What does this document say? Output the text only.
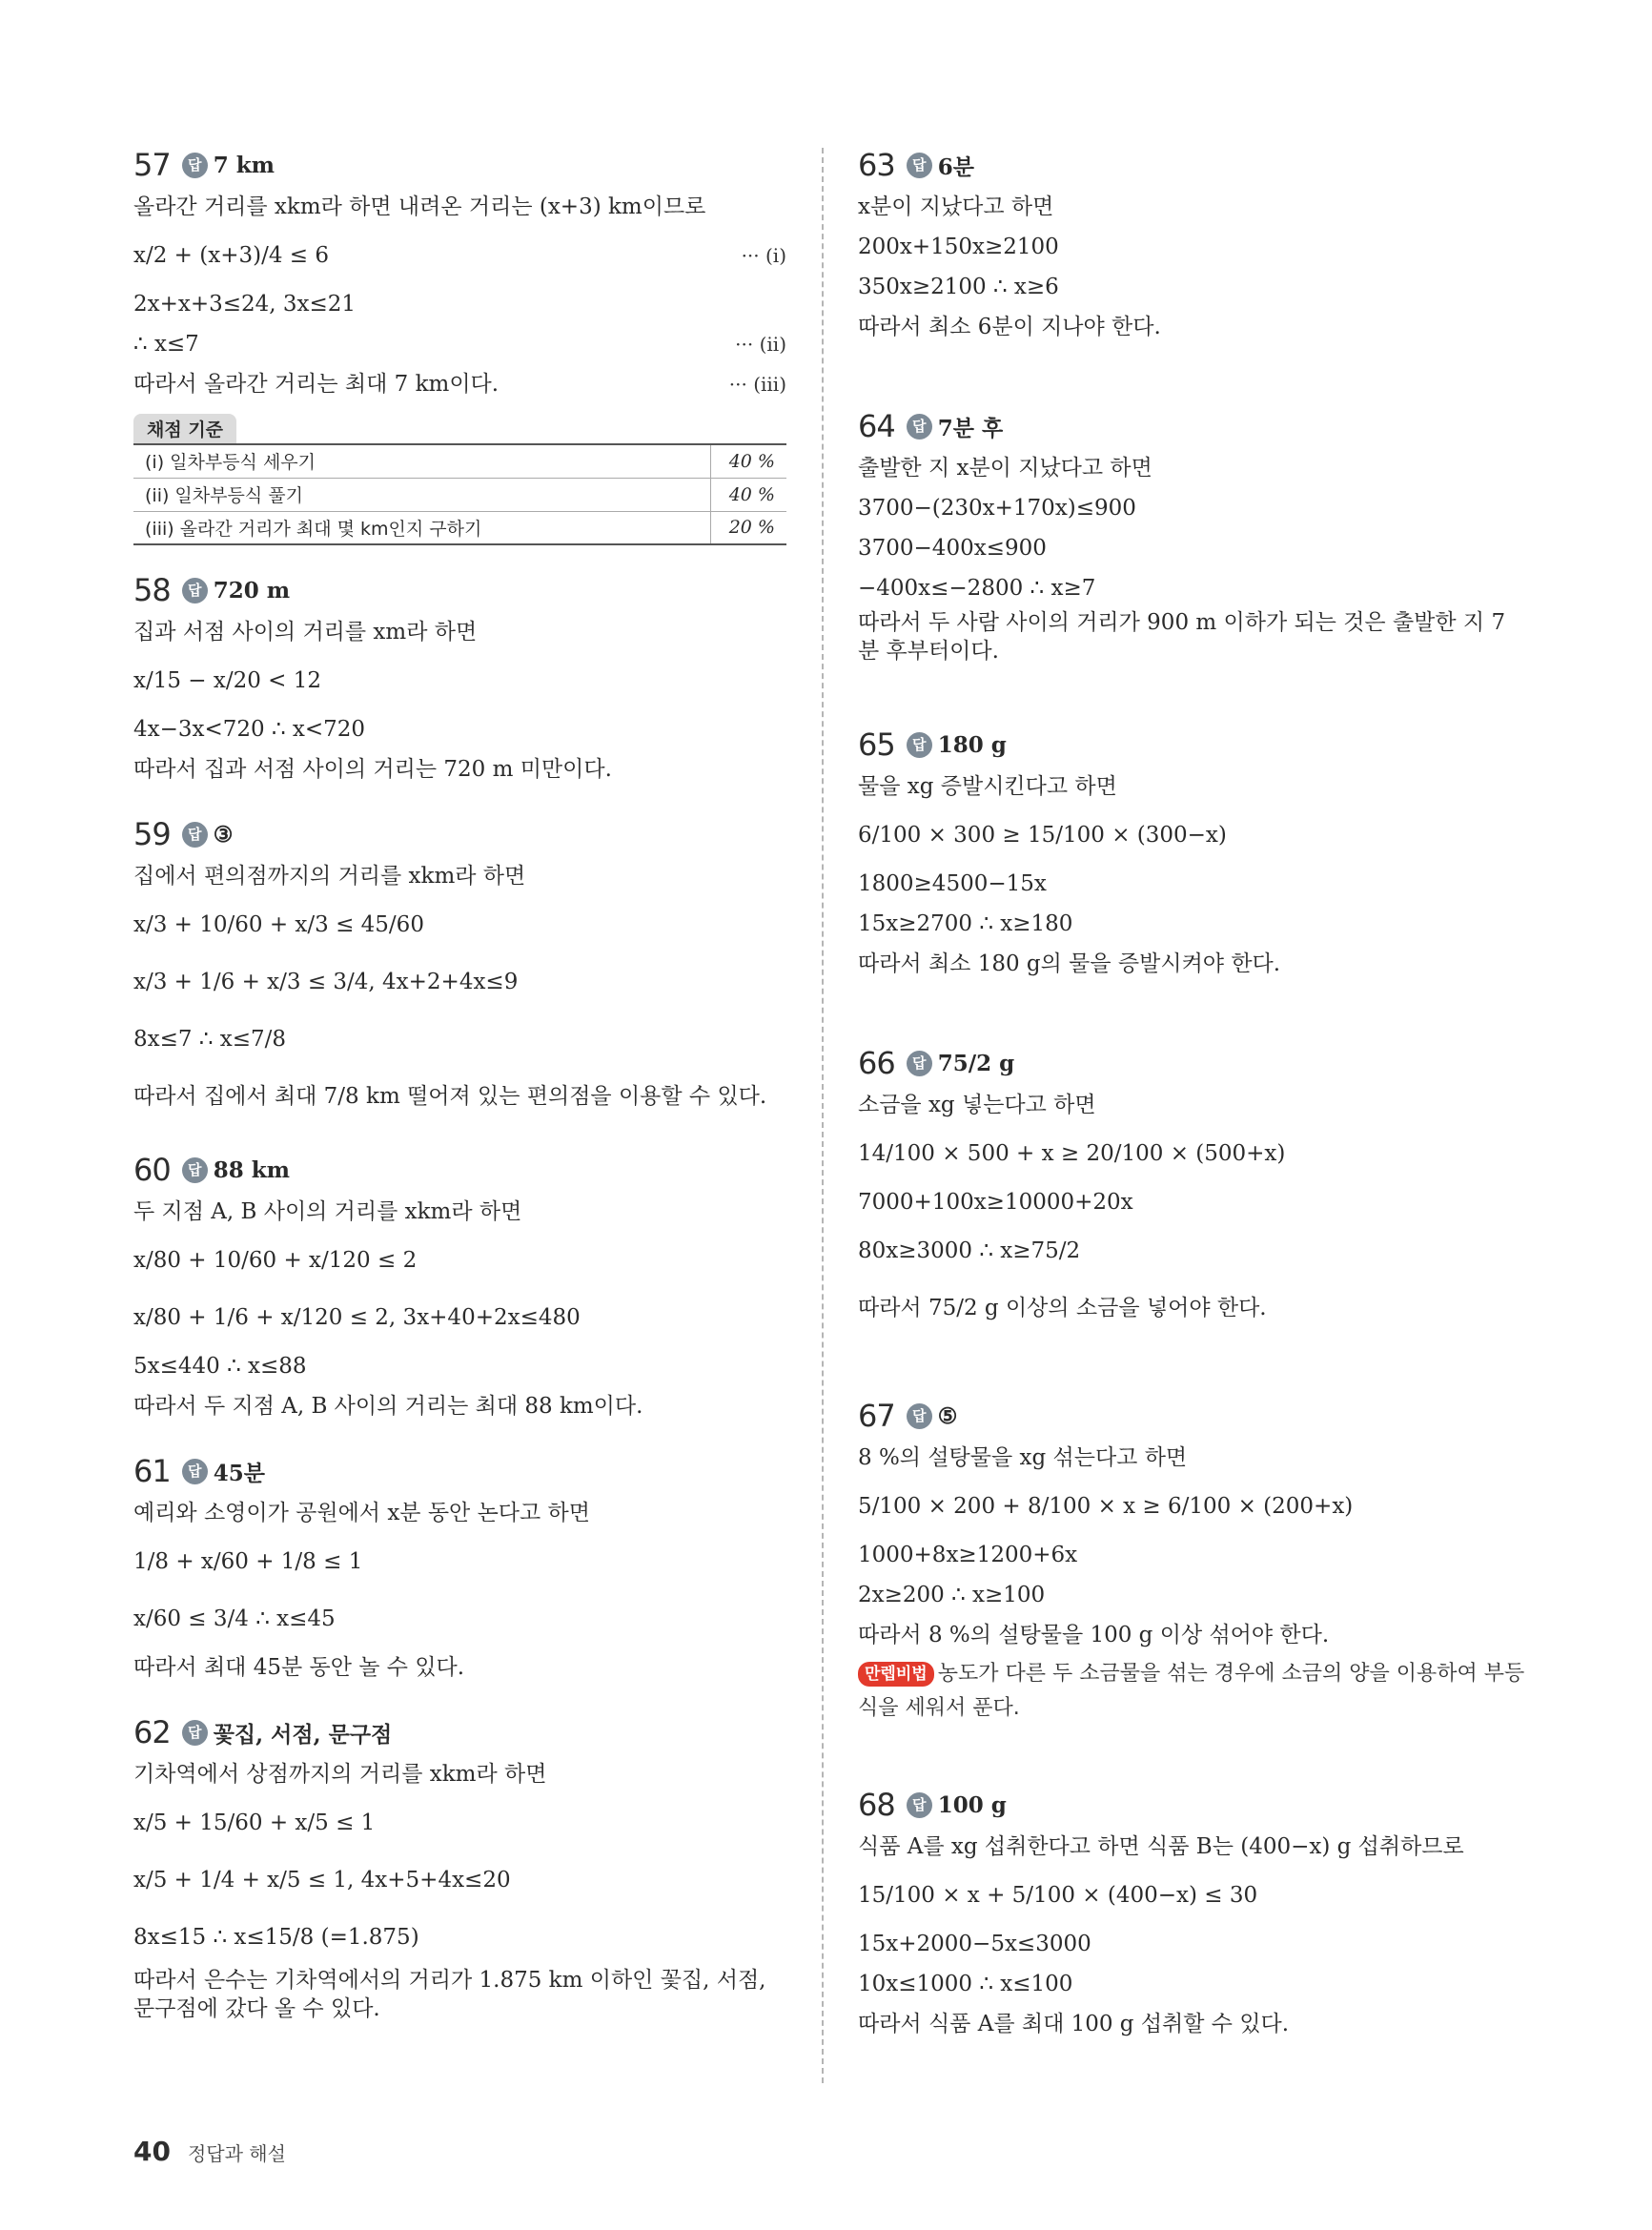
57	답 7 km
올라간 거리를 xkm라 하면 내려온 거리는 (x+3) km이므로
x/2 + (x+3)/4 ≤ 6	··· (i)
2x+x+3≤24, 3x≤21
∴ x≤7	··· (ii)
따라서 올라간 거리는 최대 7 km이다.	··· (iii)
채점 기준
(i) 일차부등식 세우기	40 %
(ii) 일차부등식 풀기	40 %
(iii) 올라간 거리가 최대 몇 km인지 구하기	20 %
58	답 720 m
집과 서점 사이의 거리를 xm라 하면
x/15 − x/20 < 12
4x−3x<720 ∴ x<720
따라서 집과 서점 사이의 거리는 720 m 미만이다.
59	답 ③
집에서 편의점까지의 거리를 xkm라 하면
x/3 + 10/60 + x/3 ≤ 45/60
x/3 + 1/6 + x/3 ≤ 3/4, 4x+2+4x≤9
8x≤7 ∴ x≤7/8
따라서 집에서 최대 7/8 km 떨어져 있는 편의점을 이용할 수 있다.
60	답 88 km
두 지점 A, B 사이의 거리를 xkm라 하면
x/80 + 10/60 + x/120 ≤ 2
x/80 + 1/6 + x/120 ≤ 2, 3x+40+2x≤480
5x≤440 ∴ x≤88
따라서 두 지점 A, B 사이의 거리는 최대 88 km이다.
61	답 45분
예리와 소영이가 공원에서 x분 동안 논다고 하면
1/8 + x/60 + 1/8 ≤ 1
x/60 ≤ 3/4 ∴ x≤45
따라서 최대 45분 동안 놀 수 있다.
62	답 꽃집, 서점, 문구점
기차역에서 상점까지의 거리를 xkm라 하면
x/5 + 15/60 + x/5 ≤ 1
x/5 + 1/4 + x/5 ≤ 1, 4x+5+4x≤20
8x≤15 ∴ x≤15/8 (=1.875)
따라서 은수는 기차역에서의 거리가 1.875 km 이하인 꽃집, 서점, 문구점에 갔다 올 수 있다.
63	답 6분
x분이 지났다고 하면
200x+150x≥2100
350x≥2100 ∴ x≥6
따라서 최소 6분이 지나야 한다.
64	답 7분 후
출발한 지 x분이 지났다고 하면
3700−(230x+170x)≤900
3700−400x≤900
−400x≤−2800 ∴ x≥7
따라서 두 사람 사이의 거리가 900 m 이하가 되는 것은 출발한 지 7분 후부터이다.
65	답 180 g
물을 xg 증발시킨다고 하면
6/100 × 300 ≥ 15/100 × (300−x)
1800≥4500−15x
15x≥2700 ∴ x≥180
따라서 최소 180 g의 물을 증발시켜야 한다.
66	답 75/2 g
소금을 xg 넣는다고 하면
14/100 × 500 + x ≥ 20/100 × (500+x)
7000+100x≥10000+20x
80x≥3000 ∴ x≥75/2
따라서 75/2 g 이상의 소금을 넣어야 한다.
67	답 ⑤
8 %의 설탕물을 xg 섞는다고 하면
5/100 × 200 + 8/100 × x ≥ 6/100 × (200+x)
1000+8x≥1200+6x
2x≥200 ∴ x≥100
따라서 8 %의 설탕물을 100 g 이상 섞어야 한다.
만렙비법 농도가 다른 두 소금물을 섞는 경우에 소금의 양을 이용하여 부등식을 세워서 푼다.
68	답 100 g
식품 A를 xg 섭취한다고 하면 식품 B는 (400−x) g 섭취하므로
15/100 × x + 5/100 × (400−x) ≤ 30
15x+2000−5x≤3000
10x≤1000 ∴ x≤100
따라서 식품 A를 최대 100 g 섭취할 수 있다.
40 정답과 해설
